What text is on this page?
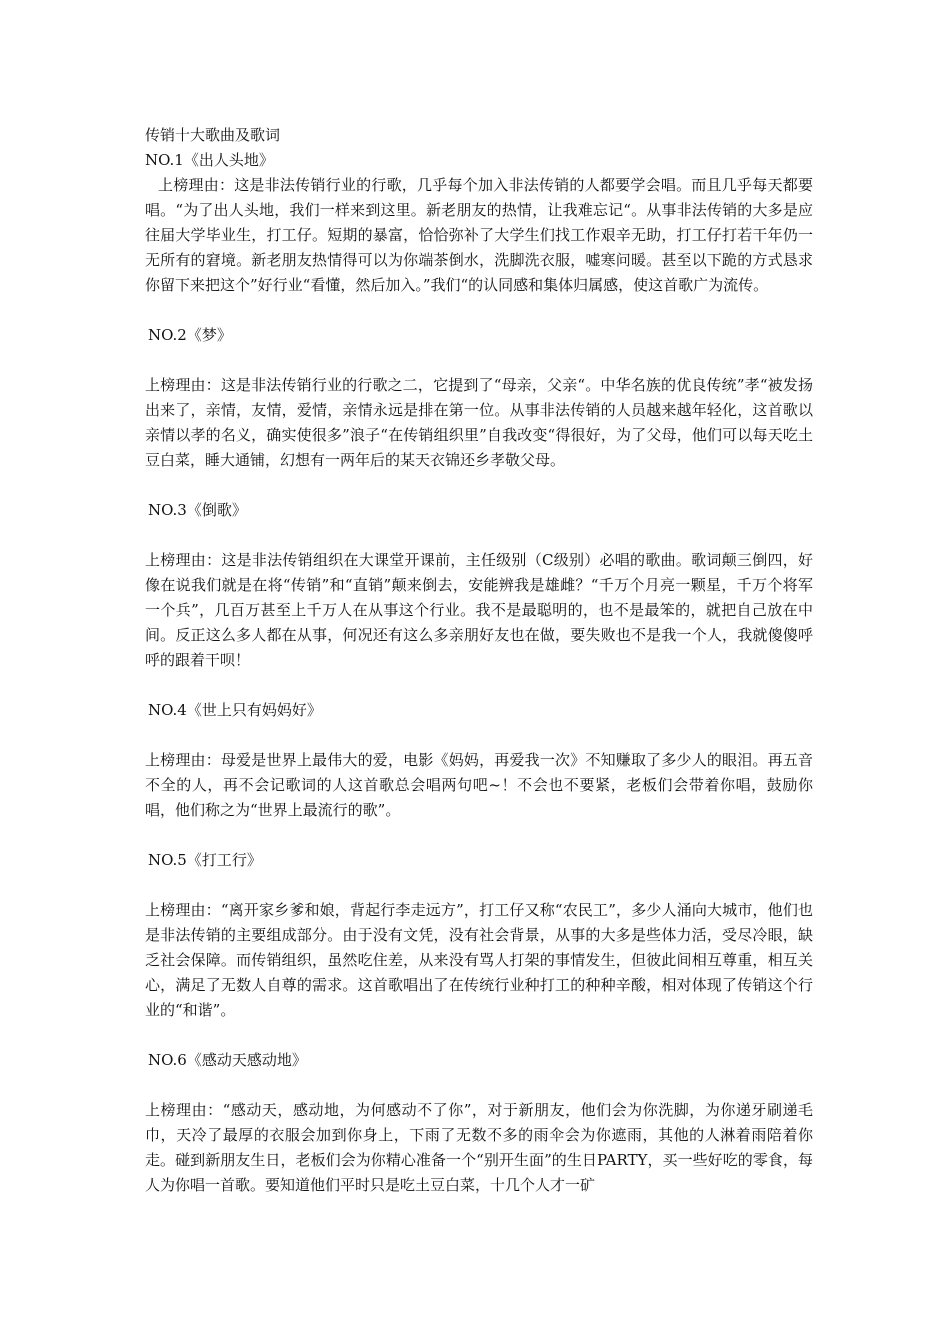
传销十大歌曲及歌词

NO.1《出人头地》

上榜理由：这是非法传销行业的行歌，几乎每个加入非法传销的人都要学会唱。而且几乎每天都要唱。“为了出人头地，我们一样来到这里。新老朋友的热情，让我难忘记“。从事非法传销的大多是应往届大学毕业生，打工仔。短期的暴富，恰恰弥补了大学生们找工作艰辛无助，打工仔打若干年仍一无所有的窘境。新老朋友热情得可以为你端茶倒水，洗脚洗衣服，嘘寒问暖。甚至以下跪的方式恳求你留下来把这个”好行业“看懂，然后加入。”我们“的认同感和集体归属感，使这首歌广为流传。

NO.2《梦》

上榜理由：这是非法传销行业的行歌之二，它提到了“母亲，父亲“。中华名族的优良传统”孝“被发扬出来了，亲情，友情，爱情，亲情永远是排在第一位。从事非法传销的人员越来越年轻化，这首歌以亲情以孝的名义，确实使很多”浪子“在传销组织里”自我改变“得很好，为了父母，他们可以每天吃土豆白菜，睡大通铺，幻想有一两年后的某天衣锦还乡孝敬父母。

NO.3《倒歌》

上榜理由：这是非法传销组织在大课堂开课前，主任级别（C级别）必唱的歌曲。歌词颠三倒四，好像在说我们就是在将“传销”和“直销”颠来倒去，安能辨我是雄雌？“千万个月亮一颗星，千万个将军一个兵”，几百万甚至上千万人在从事这个行业。我不是最聪明的，也不是最笨的，就把自己放在中间。反正这么多人都在从事，何况还有这么多亲朋好友也在做，要失败也不是我一个人，我就傻傻呼呼的跟着干呗！

NO.4《世上只有妈妈好》

上榜理由：母爱是世界上最伟大的爱，电影《妈妈，再爱我一次》不知赚取了多少人的眼泪。再五音不全的人，再不会记歌词的人这首歌总会唱两句吧~！不会也不要紧，老板们会带着你唱，鼓励你唱，他们称之为“世界上最流行的歌”。

NO.5《打工行》

上榜理由：“离开家乡爹和娘，背起行李走远方”，打工仔又称“农民工”，多少人涌向大城市，他们也是非法传销的主要组成部分。由于没有文凭，没有社会背景，从事的大多是些体力活，受尽冷眼，缺乏社会保障。而传销组织，虽然吃住差，从来没有骂人打架的事情发生，但彼此间相互尊重，相互关心，满足了无数人自尊的需求。这首歌唱出了在传统行业种打工的种种辛酸，相对体现了传销这个行业的“和谐”。

NO.6《感动天感动地》

上榜理由：“感动天，感动地，为何感动不了你”，对于新朋友，他们会为你洗脚，为你递牙刷递毛巾，天冷了最厚的衣服会加到你身上，下雨了无数不多的雨伞会为你遮雨，其他的人淋着雨陪着你走。碰到新朋友生日，老板们会为你精心准备一个“别开生面”的生日PARTY，买一些好吃的零食，每人为你唱一首歌。要知道他们平时只是吃土豆白菜，十几个人才一矿
